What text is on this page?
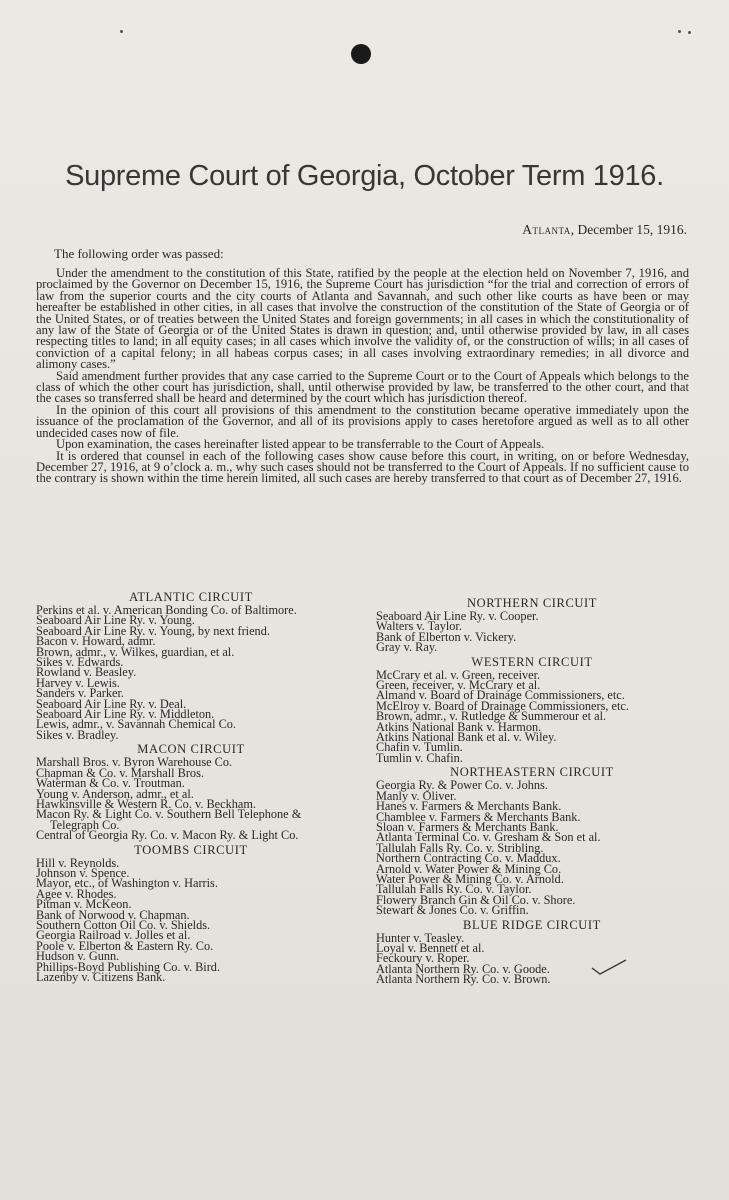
Supreme Court of Georgia, October Term 1916.
Atlanta, December 15, 1916.
The following order was passed:

Under the amendment to the constitution of this State, ratified by the people at the election held on November 7, 1916, and proclaimed by the Governor on December 15, 1916, the Supreme Court has jurisdiction “for the trial and correction of errors of law from the superior courts and the city courts of Atlanta and Savannah, and such other like courts as have been or may hereafter be established in other cities, in all cases that involve the construction of the constitution of the State of Georgia or of the United States, or of treaties between the United States and foreign governments; in all cases in which the constitutionality of any law of the State of Georgia or of the United States is drawn in question; and, until otherwise provided by law, in all cases respecting titles to land; in all equity cases; in all cases which involve the validity of, or the construction of wills; in all cases of conviction of a capital felony; in all habeas corpus cases; in all cases involving extraordinary remedies; in all divorce and alimony cases.”

Said amendment further provides that any case carried to the Supreme Court or to the Court of Appeals which belongs to the class of which the other court has jurisdiction, shall, until otherwise provided by law, be transferred to the other court, and that the cases so transferred shall be heard and determined by the court which has jurisdiction thereof.

In the opinion of this court all provisions of this amendment to the constitution became operative immediately upon the issuance of the proclamation of the Governor, and all of its provisions apply to cases heretofore argued as well as to all other undecided cases now of file.

Upon examination, the cases hereinafter listed appear to be transferrable to the Court of Appeals.

It is ordered that counsel in each of the following cases show cause before this court, in writing, on or before Wednesday, December 27, 1916, at 9 o’clock a. m., why such cases should not be transferred to the Court of Appeals. If no sufficient cause to the contrary is shown within the time herein limited, all such cases are hereby transferred to that court as of December 27, 1916.

ATLANTIC CIRCUIT
Perkins et al. v. American Bonding Co. of Baltimore.
Seaboard Air Line Ry. v. Young.
Seaboard Air Line Ry. v. Young, by next friend.
Bacon v. Howard, admr.
Brown, admr., v. Wilkes, guardian, et al.
Sikes v. Edwards.
Rowland v. Beasley.
Harvey v. Lewis.
Sanders v. Parker.
Seaboard Air Line Ry. v. Deal.
Seaboard Air Line Ry. v. Middleton.
Lewis, admr., v. Savannah Chemical Co.
Sikes v. Bradley.
MACON CIRCUIT
Marshall Bros. v. Byron Warehouse Co.
Chapman & Co. v. Marshall Bros.
Waterman & Co. v. Troutman.
Young v. Anderson, admr., et al.
Hawkinsville & Western R. Co. v. Beckham.
Macon Ry. & Light Co. v. Southern Bell Telephone & Telegraph Co.
Central of Georgia Ry. Co. v. Macon Ry. & Light Co.
TOOMBS CIRCUIT
Hill v. Reynolds.
Johnson v. Spence.
Mayor, etc., of Washington v. Harris.
Agee v. Rhodes.
Pitman v. McKeon.
Bank of Norwood v. Chapman.
Southern Cotton Oil Co. v. Shields.
Georgia Railroad v. Jolles et al.
Poole v. Elberton & Eastern Ry. Co.
Hudson v. Gunn.
Phillips-Boyd Publishing Co. v. Bird.
Lazenby v. Citizens Bank.
NORTHERN CIRCUIT
Seaboard Air Line Ry. v. Cooper.
Walters v. Taylor.
Bank of Elberton v. Vickery.
Gray v. Ray.
WESTERN CIRCUIT
McCrary et al. v. Green, receiver.
Green, receiver, v. McCrary et al.
Almand v. Board of Drainage Commissioners, etc.
McElroy v. Board of Drainage Commissioners, etc.
Brown, admr., v. Rutledge & Summerour et al.
Atkins National Bank v. Harmon.
Atkins National Bank et al. v. Wiley.
Chafin v. Tumlin.
Tumlin v. Chafin.
NORTHEASTERN CIRCUIT
Georgia Ry. & Power Co. v. Johns.
Manly v. Oliver.
Hanes v. Farmers & Merchants Bank.
Chamblee v. Farmers & Merchants Bank.
Sloan v. Farmers & Merchants Bank.
Atlanta Terminal Co. v. Gresham & Son et al.
Tallulah Falls Ry. Co. v. Stribling.
Northern Contracting Co. v. Maddux.
Arnold v. Water Power & Mining Co.
Water Power & Mining Co. v. Arnold.
Tallulah Falls Ry. Co. v. Taylor.
Flowery Branch Gin & Oil Co. v. Shore.
Stewart & Jones Co. v. Griffin.
BLUE RIDGE CIRCUIT
Hunter v. Teasley.
Loyal v. Bennett et al.
Feckoury v. Roper.
Atlanta Northern Ry. Co. v. Goode.
Atlanta Northern Ry. Co. v. Brown.
